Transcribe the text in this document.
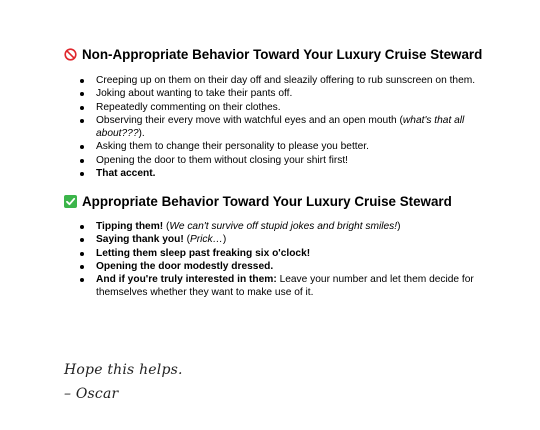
Non-Appropriate Behavior Toward Your Luxury Cruise Steward
Creeping up on them on their day off and sleazily offering to rub sunscreen on them.
Joking about wanting to take their pants off.
Repeatedly commenting on their clothes.
Observing their every move with watchful eyes and an open mouth (what's that all about???).
Asking them to change their personality to please you better.
Opening the door to them without closing your shirt first!
That accent.
Appropriate Behavior Toward Your Luxury Cruise Steward
Tipping them! (We can't survive off stupid jokes and bright smiles!)
Saying thank you! (Prick…)
Letting them sleep past freaking six o'clock!
Opening the door modestly dressed.
And if you're truly interested in them: Leave your number and let them decide for themselves whether they want to make use of it.
Hope this helps.
– Oscar
